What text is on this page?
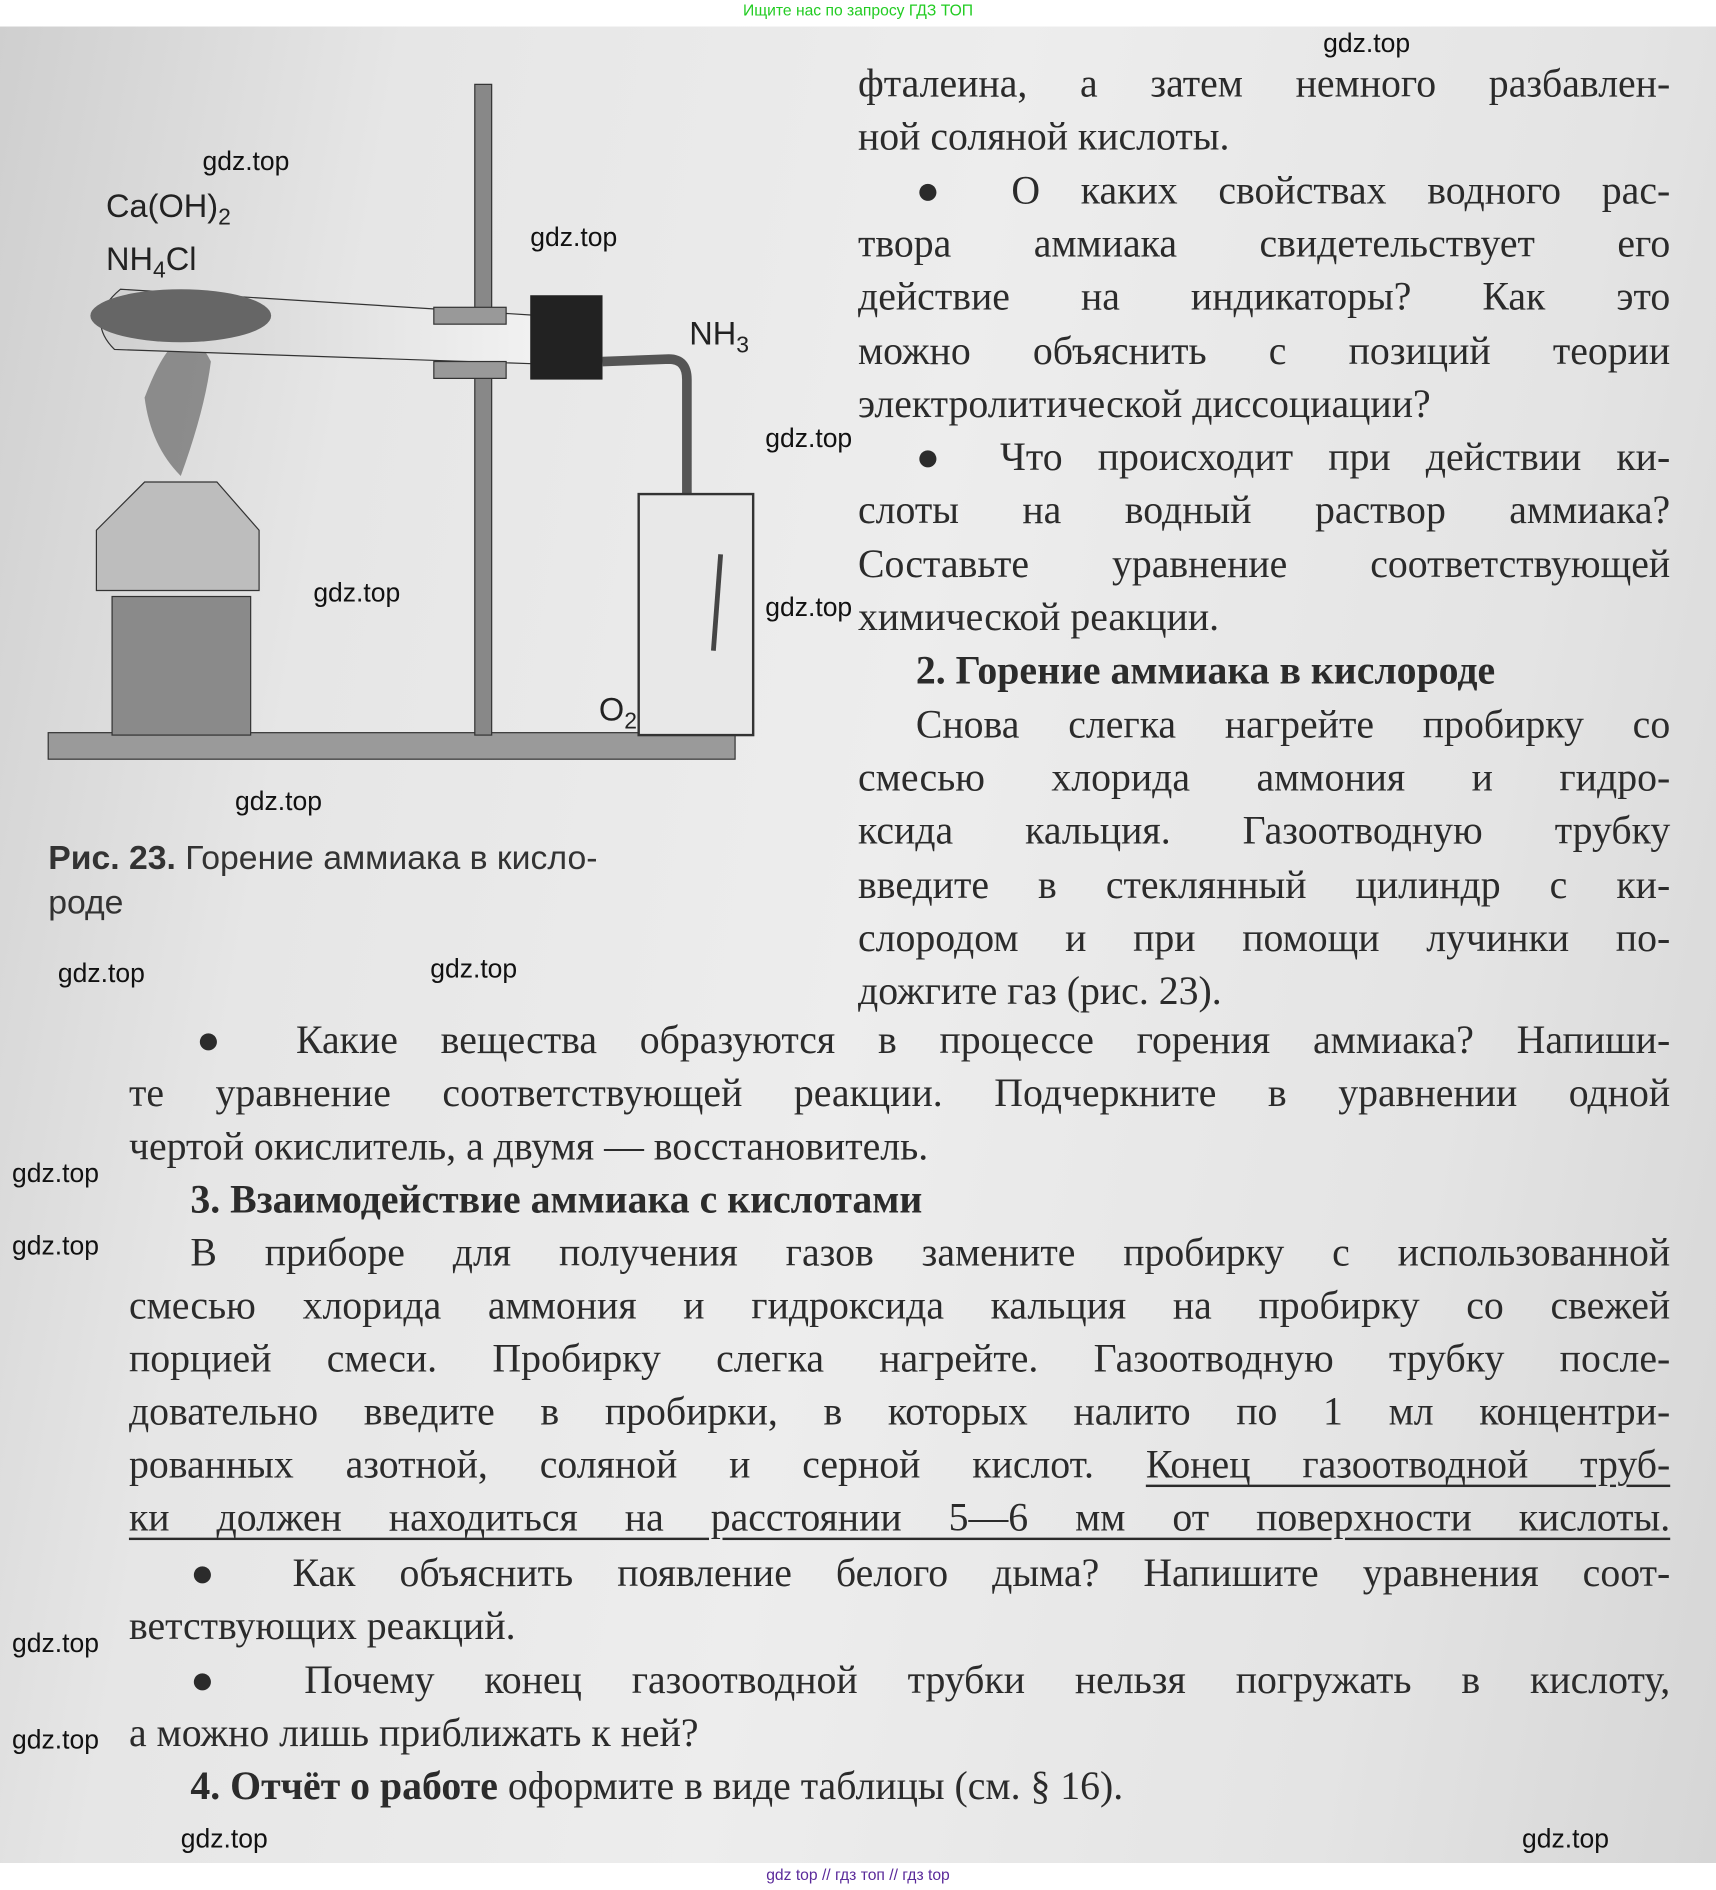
Ищите нас по запросу ГДЗ ТОП
$Ca(OH)_2$
$NH_4Cl$
$NH_3$
$O_2$
Рис. 23. Горение аммиака в кисло-
роде
фталеина, а затем немного разбавлен-
ной соляной кислоты.
● О каких свойствах водного рас-
твора аммиака свидетельствует его
действие на индикаторы? Как это
можно объяснить с позиций теории
электролитической диссоциации?
● Что происходит при действии ки-
слоты на водный раствор аммиака?
Составьте уравнение соответствующей
химической реакции.
2. Горение аммиака в кислороде
Снова слегка нагрейте пробирку со
смесью хлорида аммония и гидро-
ксида кальция. Газоотводную трубку
введите в стеклянный цилиндр с ки-
слородом и при помощи лучинки по-
дожгите газ (рис. 23).
● Какие вещества образуются в процессе горения аммиака? Напиши-
те уравнение соответствующей реакции. Подчеркните в уравнении одной
чертой окислитель, а двумя — восстановитель.
3. Взаимодействие аммиака с кислотами
В приборе для получения газов замените пробирку с использованной
смесью хлорида аммония и гидроксида кальция на пробирку со свежей
порцией смеси. Пробирку слегка нагрейте. Газоотводную трубку после-
довательно введите в пробирки, в которых налито по 1 мл концентри-
рованных азотной, соляной и серной кислот. Конец газоотводной труб-
ки должен находиться на расстоянии 5—6 мм от поверхности кислоты.
● Как объяснить появление белого дыма? Напишите уравнения соот-
ветствующих реакций.
● Почему конец газоотводной трубки нельзя погружать в кислоту,
а можно лишь приближать к ней?
4. Отчёт о работе оформите в виде таблицы (см. § 16).
gdz.top
gdz.top
gdz.top
gdz.top
gdz.top	gdz.top
gdz.top
gdz.top	gdz.top
gdz.top
gdz.top
gdz.top
gdz.top
gdz.top
gdz.top
gdz top // гдз топ // гдз top
